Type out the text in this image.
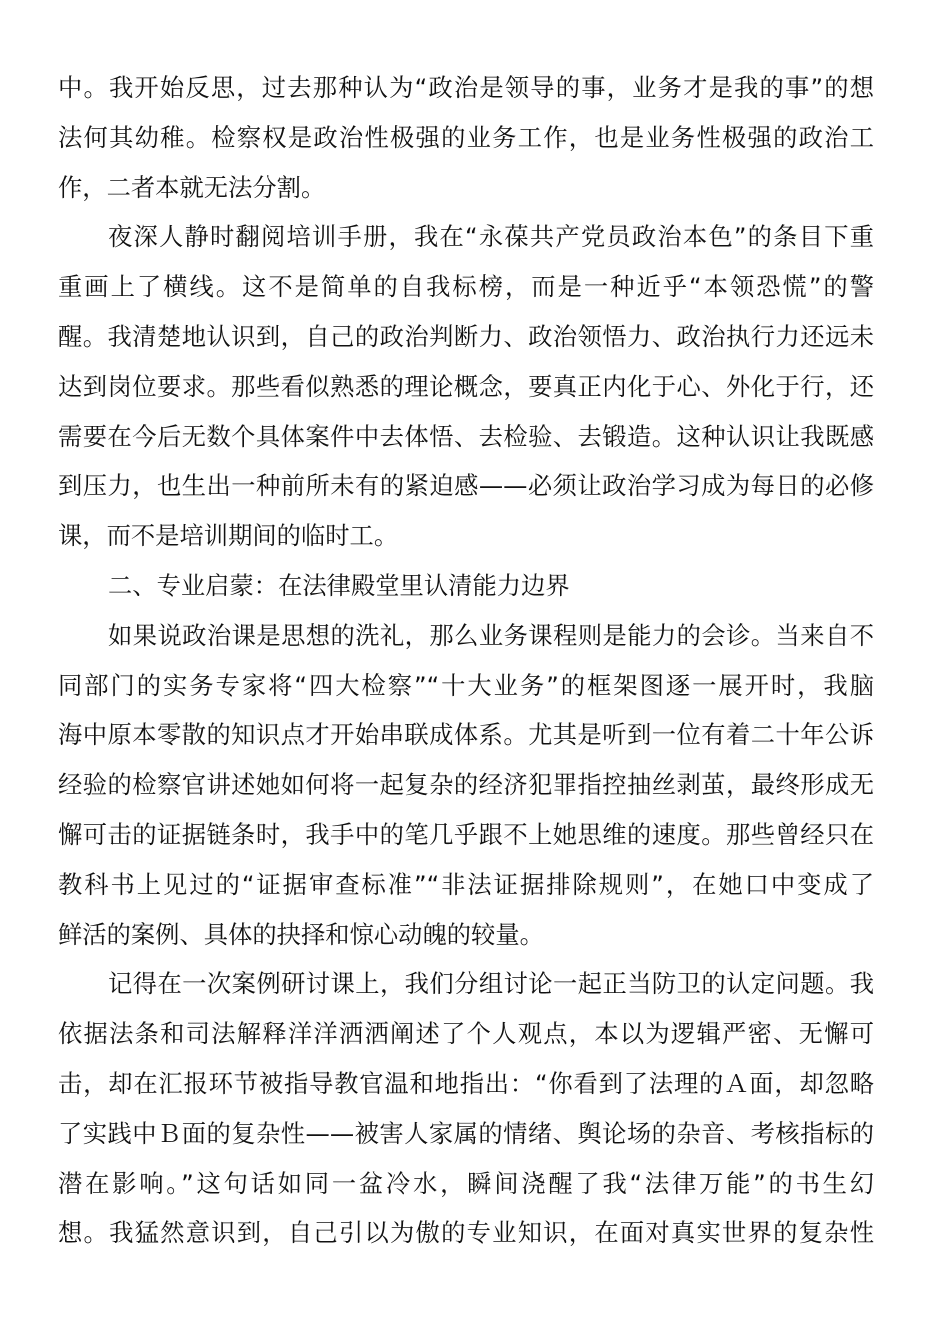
中。我开始反思，过去那种认为“政治是领导的事，业务才是我的事”的想
法何其幼稚。检察权是政治性极强的业务工作，也是业务性极强的政治工
作，二者本就无法分割。
夜深人静时翻阅培训手册，我在“永葆共产党员政治本色”的条目下重
重画上了横线。这不是简单的自我标榜，而是一种近乎“本领恐慌”的警
醒。我清楚地认识到，自己的政治判断力、政治领悟力、政治执行力还远未
达到岗位要求。那些看似熟悉的理论概念，要真正内化于心、外化于行，还
需要在今后无数个具体案件中去体悟、去检验、去锻造。这种认识让我既感
到压力，也生出一种前所未有的紧迫感——必须让政治学习成为每日的必修
课，而不是培训期间的临时工。
二、专业启蒙：在法律殿堂里认清能力边界
如果说政治课是思想的洗礼，那么业务课程则是能力的会诊。当来自不
同部门的实务专家将“四大检察”“十大业务”的框架图逐一展开时，我脑
海中原本零散的知识点才开始串联成体系。尤其是听到一位有着二十年公诉
经验的检察官讲述她如何将一起复杂的经济犯罪指控抽丝剥茧，最终形成无
懈可击的证据链条时，我手中的笔几乎跟不上她思维的速度。那些曾经只在
教科书上见过的“证据审查标准”“非法证据排除规则”，在她口中变成了
鲜活的案例、具体的抉择和惊心动魄的较量。
记得在一次案例研讨课上，我们分组讨论一起正当防卫的认定问题。我
依据法条和司法解释洋洋洒洒阐述了个人观点，本以为逻辑严密、无懈可
击，却在汇报环节被指导教官温和地指出：“你看到了法理的Ａ面，却忽略
了实践中Ｂ面的复杂性——被害人家属的情绪、舆论场的杂音、考核指标的
潜在影响。”这句话如同一盆冷水，瞬间浇醒了我“法律万能”的书生幻
想。我猛然意识到，自己引以为傲的专业知识，在面对真实世界的复杂性
